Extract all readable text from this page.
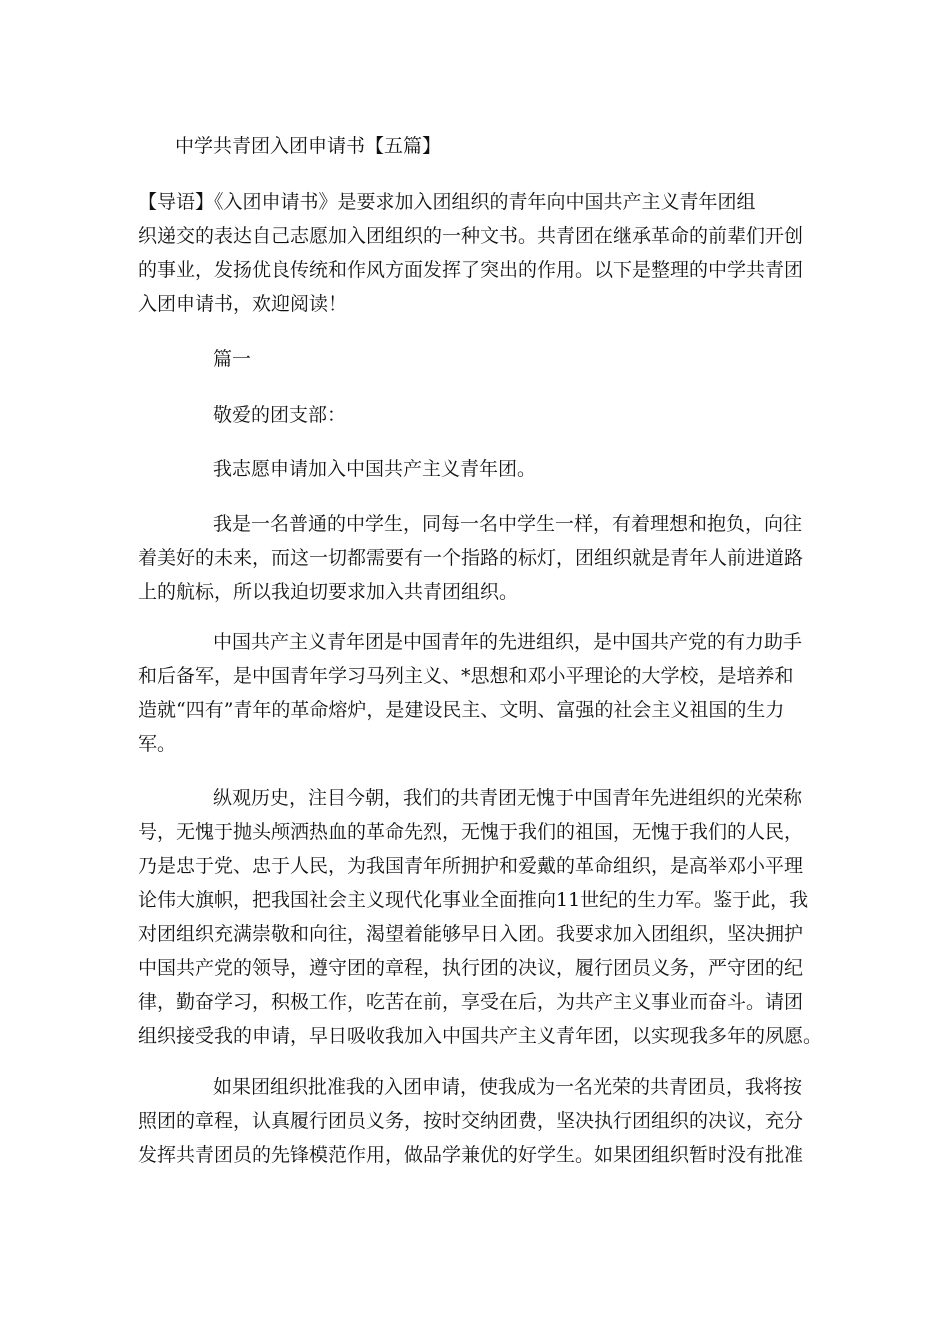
中学共青团入团申请书【五篇】
【导语】《入团申请书》是要求加入团组织的青年向中国共产主义青年团组
织递交的表达自己志愿加入团组织的一种文书。共青团在继承革命的前辈们开创
的事业，发扬优良传统和作风方面发挥了突出的作用。以下是整理的中学共青团
入团申请书，欢迎阅读！
篇一
敬爱的团支部：
我志愿申请加入中国共产主义青年团。
我是一名普通的中学生，同每一名中学生一样，有着理想和抱负，向往
着美好的未来，而这一切都需要有一个指路的标灯，团组织就是青年人前进道路
上的航标，所以我迫切要求加入共青团组织。
中国共产主义青年团是中国青年的先进组织，是中国共产党的有力助手
和后备军，是中国青年学习马列主义、*思想和邓小平理论的大学校，是培养和
造就“四有”青年的革命熔炉，是建设民主、文明、富强的社会主义祖国的生力
军。
纵观历史，注目今朝，我们的共青团无愧于中国青年先进组织的光荣称
号，无愧于抛头颅洒热血的革命先烈，无愧于我们的祖国，无愧于我们的人民，
乃是忠于党、忠于人民，为我国青年所拥护和爱戴的革命组织，是高举邓小平理
论伟大旗帜，把我国社会主义现代化事业全面推向11世纪的生力军。鉴于此，我
对团组织充满崇敬和向往，渴望着能够早日入团。我要求加入团组织，坚决拥护
中国共产党的领导，遵守团的章程，执行团的决议，履行团员义务，严守团的纪
律，勤奋学习，积极工作，吃苦在前，享受在后，为共产主义事业而奋斗。请团
组织接受我的申请，早日吸收我加入中国共产主义青年团，以实现我多年的夙愿。
如果团组织批准我的入团申请，使我成为一名光荣的共青团员，我将按
照团的章程，认真履行团员义务，按时交纳团费，坚决执行团组织的决议，充分
发挥共青团员的先锋模范作用，做品学兼优的好学生。如果团组织暂时没有批准
